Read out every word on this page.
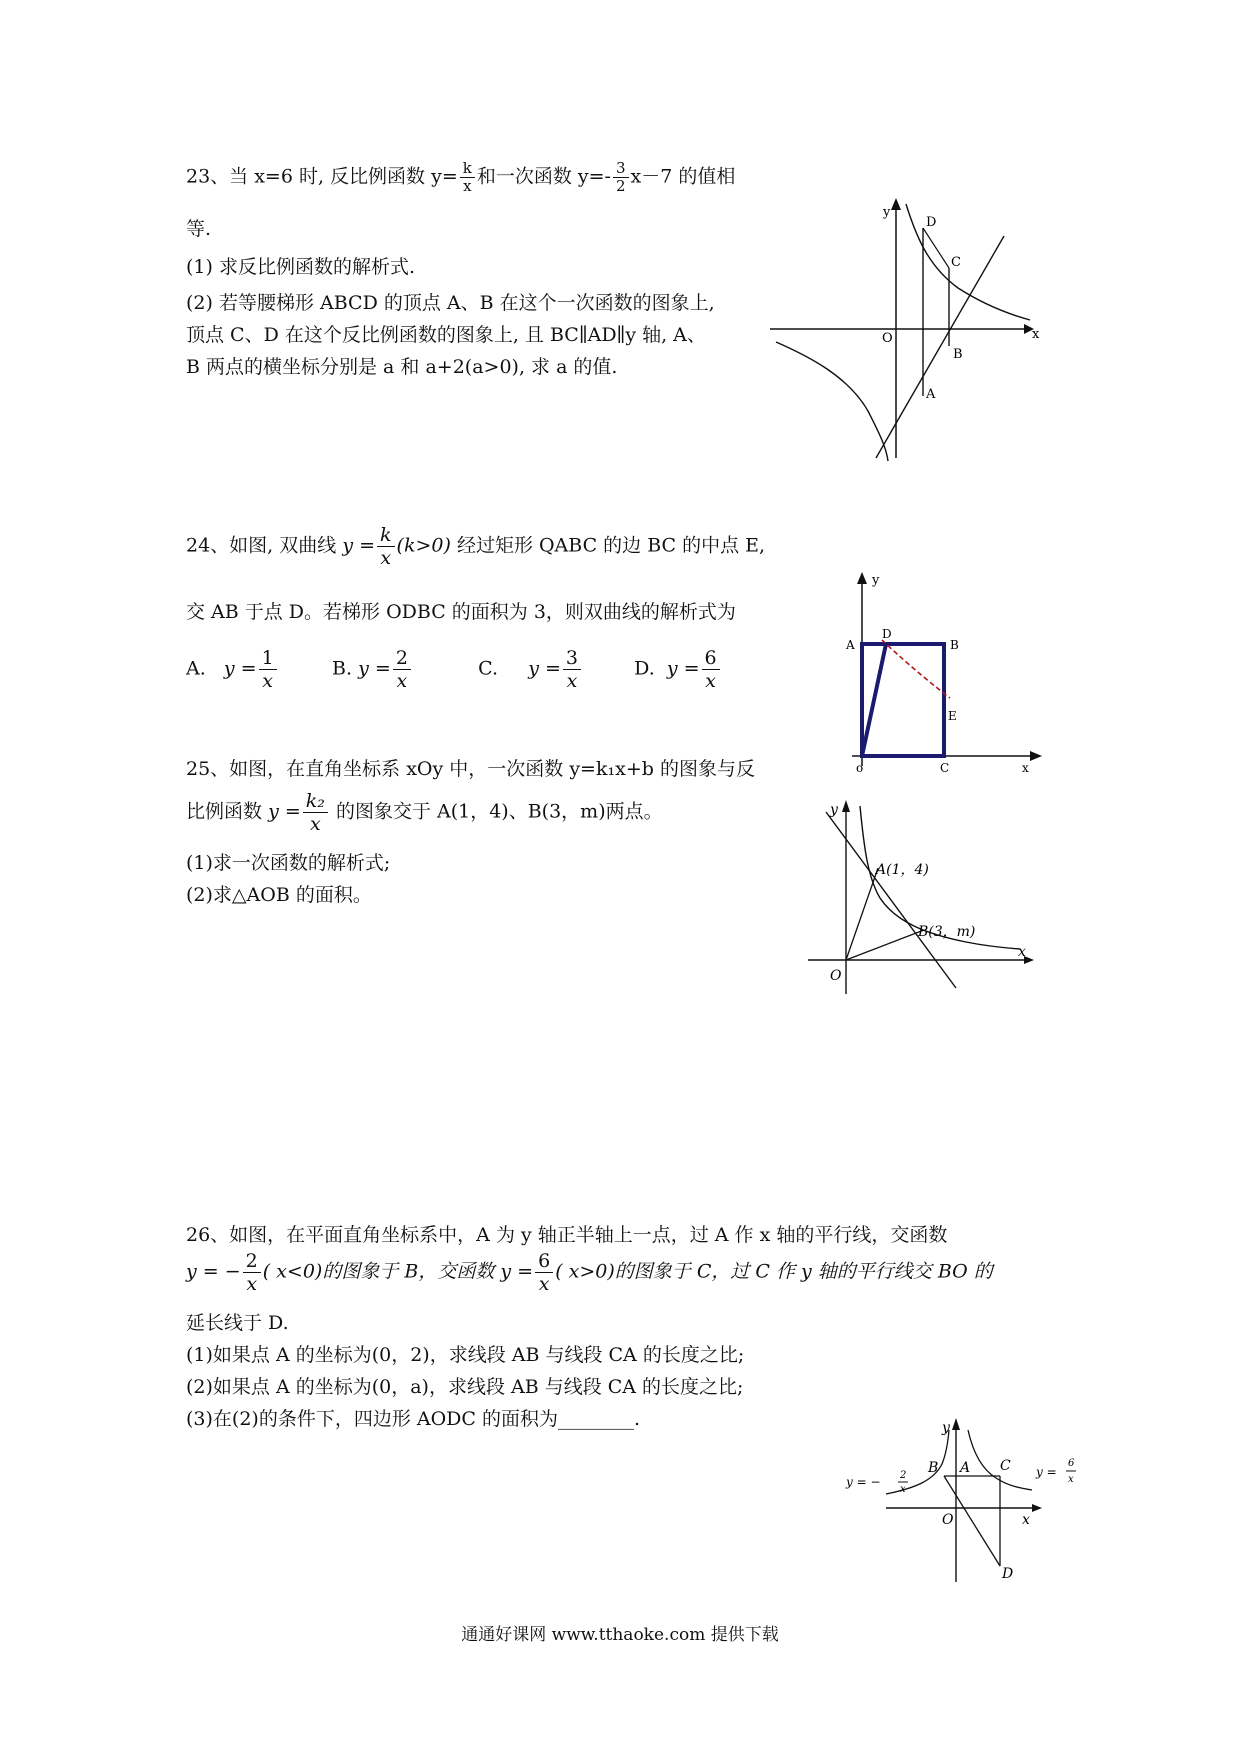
23、当 x=6 时, 反比例函数 $y= \frac{k}{x}$ 和一次函数 $y=- \frac{3}{2} x-7$ 的值相
等.
(1) 求反比例函数的解析式.
(2) 若等腰梯形 ABCD 的顶点 A、B 在这个一次函数的图象上,
顶点 C、D 在这个反比例函数的图象上, 且 BC∥AD∥y 轴, A、
B 两点的横坐标分别是 a 和 a+2(a>0), 求 a 的值.
y
x
O
D
C
B
A
24、如图, 双曲线 $y = \frac{k}{x} (k>0)$ 经过矩形 QABC 的边 BC 的中点 E,
交 AB 于点 D。若梯形 ODBC 的面积为 3，则双曲线的解析式为
A. $y = \frac{1}{x}$	B. $y = \frac{2}{x}$	C. $y = \frac{3}{x}$	D. $y = \frac{6}{x}$
y
x
o
A
D
B
E
C
25、如图，在直角坐标系 xOy 中，一次函数 y=k₁x+b 的图象与反
比例函数 $y = \frac{\text{k₂}}{x}$ 的图象交于 A(1，4)、B(3，m)两点。
(1)求一次函数的解析式;
(2)求△AOB 的面积。
y
x
O
A(1，4)
B(3，m)
26、如图，在平面直角坐标系中，A 为 y 轴正半轴上一点，过 A 作 x 轴的平行线，交函数
y = − $\frac{2}{x}$ ( x<0)的图象于 B，交函数 $y = \frac{6}{x}$ ( x>0)的图象于 C，过 C 作 y 轴的平行线交 BO 的
延长线于 D.
(1)如果点 A 的坐标为(0，2)，求线段 AB 与线段 CA 的长度之比;
(2)如果点 A 的坐标为(0，a)，求线段 AB 与线段 CA 的长度之比;
(3)在(2)的条件下，四边形 AODC 的面积为________.	y
x
O
A
B	C
D
y = − 2
x
y =
6
x
通通好课网 www.tthaoke.com 提供下载
